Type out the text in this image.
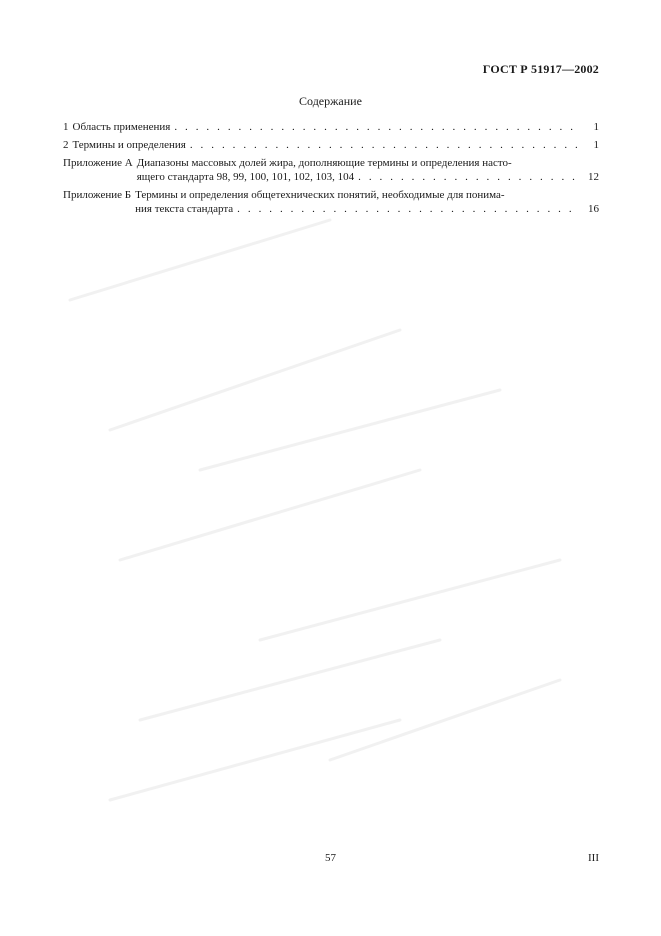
ГОСТ Р 51917—2002
Содержание
1 Область применения . . .	1
2 Термины и определения . . .	1
Приложение А Диапазоны массовых долей жира, дополняющие термины и определения насто-
ящего стандарта 98, 99, 100, 101, 102, 103, 104 . . .	12
Приложение Б Термины и определения общетехнических понятий, необходимые для понима-
ния текста стандарта . . .	16
57	III
